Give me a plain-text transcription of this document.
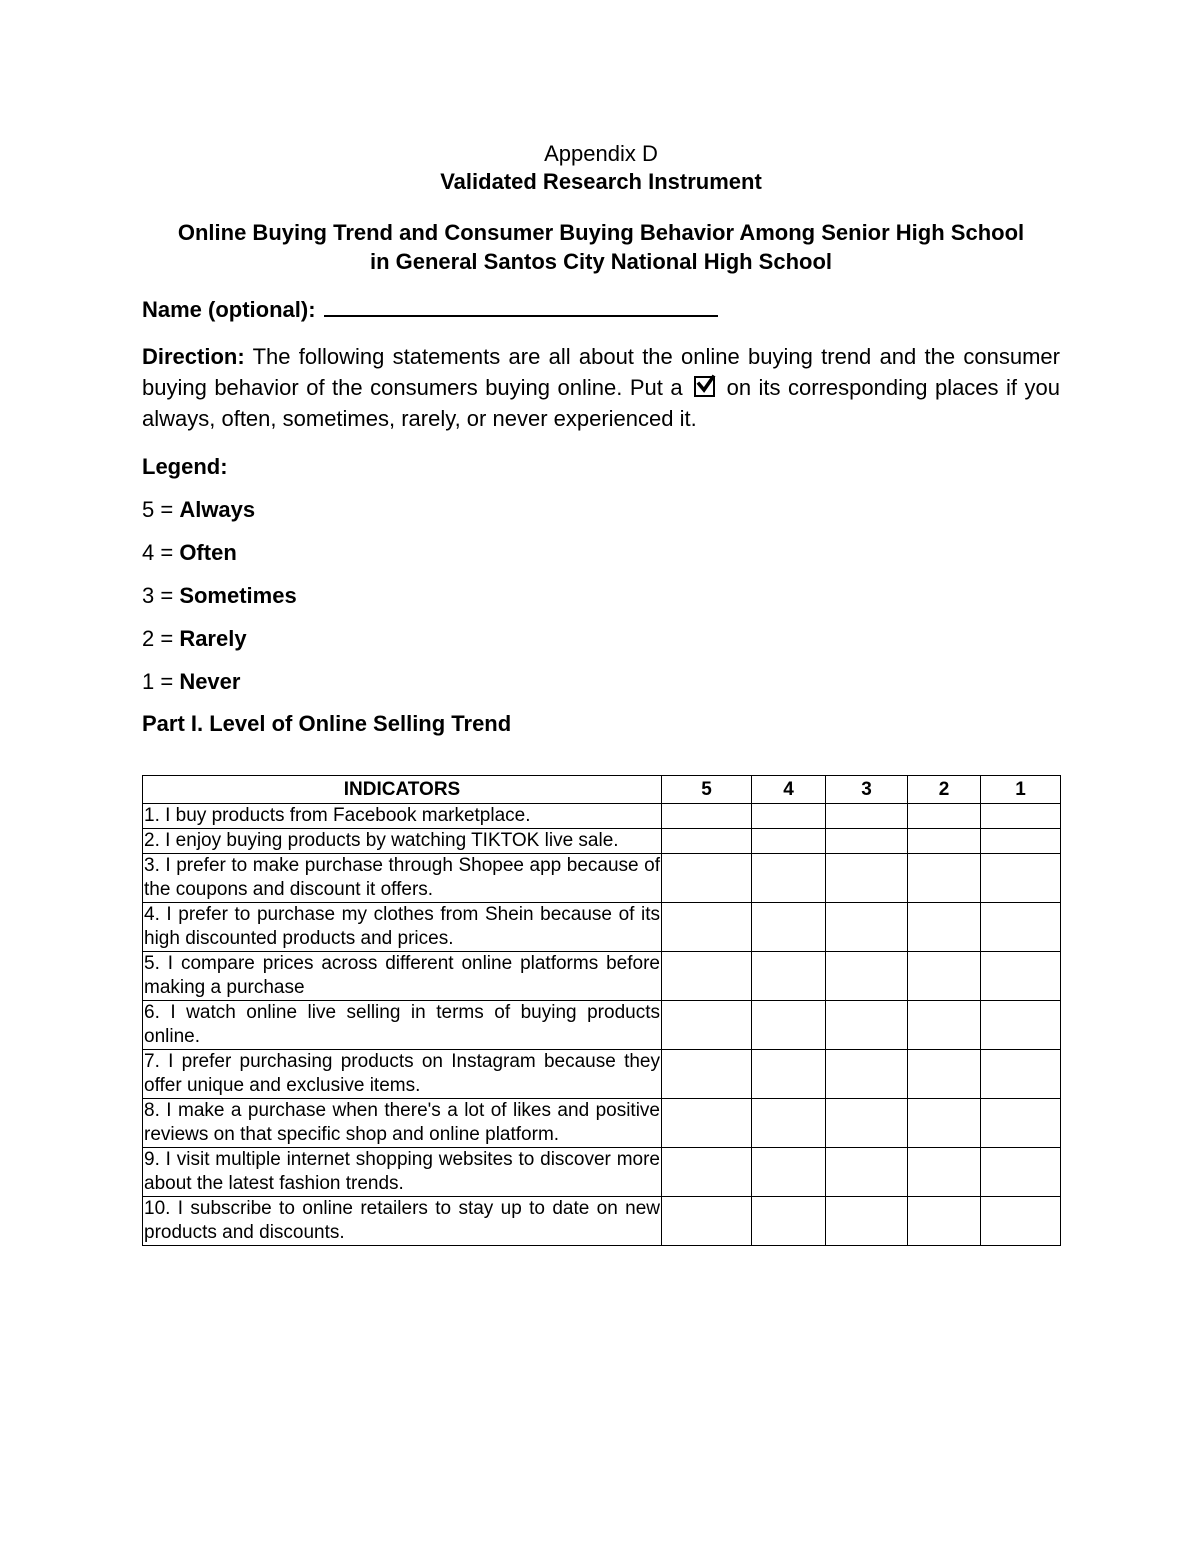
Appendix D

Validated Research Instrument

Online Buying Trend and Consumer Buying Behavior Among Senior High School
in General Santos City National High School
Name (optional):
Direction: The following statements are all about the online buying trend and the consumer buying behavior of the consumers buying online. Put a
on its corresponding places if you always, often, sometimes, rarely, or never experienced it.
Legend:
5 = Always
4 = Often
3 = Sometimes
2 = Rarely
1 = Never
Part I. Level of Online Selling Trend
INDICATORS	5	4	3	2	1
1. I buy products from Facebook marketplace.					
2. I enjoy buying products by watching TIKTOK live sale.					
3. I prefer to make purchase through Shopee app because of the coupons and discount it offers.					
4. I prefer to purchase my clothes from Shein because of its high discounted products and prices.					
5. I compare prices across different online platforms before making a purchase					
6. I watch online live selling in terms of buying products online.					
7. I prefer purchasing products on Instagram because they offer unique and exclusive items.					
8. I make a purchase when there's a lot of likes and positive reviews on that specific shop and online platform.					
9. I visit multiple internet shopping websites to discover more about the latest fashion trends.					
10. I subscribe to online retailers to stay up to date on new products and discounts.					
